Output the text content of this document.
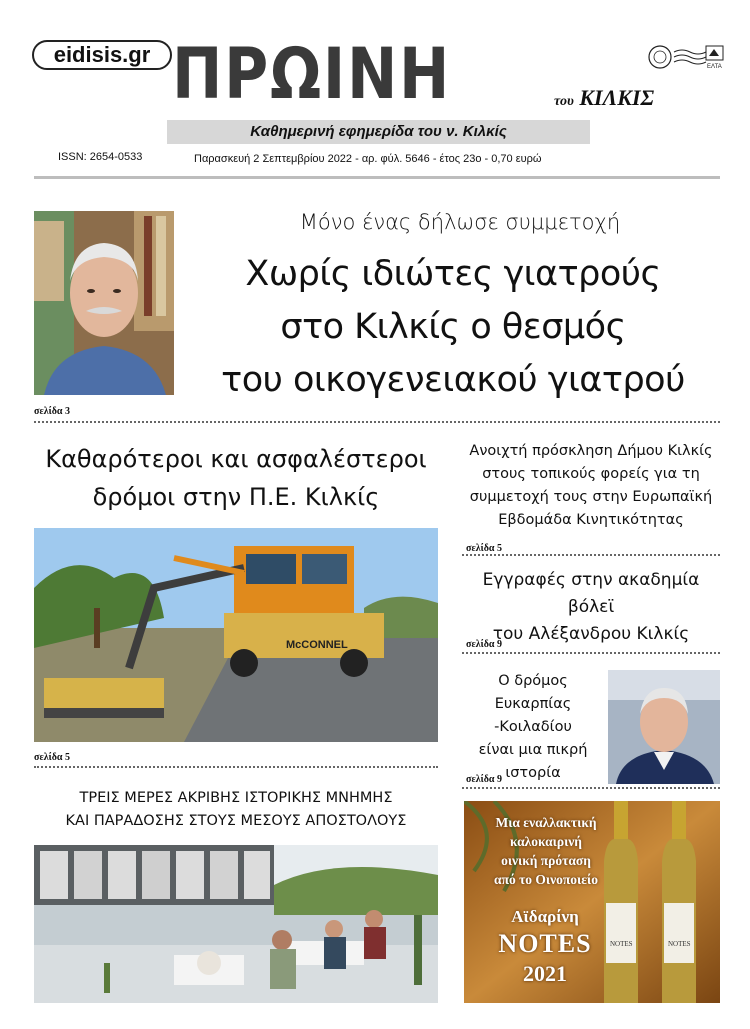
eidisis.gr ΠΡΩΙΝΗ	του ΚΙΛΚΙΣ
ΕΛΤΑ
Καθημερινή εφημερίδα του ν. Κιλκίς
ISSN: 2654-0533	Παρασκευή 2 Σεπτεμβρίου 2022 - αρ. φύλ. 5646 - έτος 23ο - 0,70 ευρώ
Μόνο ένας δήλωσε συμμετοχή
Χωρίς ιδιώτες γιατρούς
στο Κιλκίς ο θεσμός
του οικογενειακού γιατρού
σελίδα 3
Καθαρότεροι και ασφαλέστεροι
δρόμοι στην Π.Ε. Κιλκίς
McCONNEL
σελίδα 5
Ανοιχτή πρόσκληση Δήμου Κιλκίς
στους τοπικούς φορείς για τη
συμμετοχή τους στην Ευρωπαϊκή
Εβδομάδα Κινητικότητας
σελίδα 5
Εγγραφές στην ακαδημία βόλεϊ
του Αλέξανδρου Κιλκίς
σελίδα 9
Ο δρόμος Ευκαρπίας
-Κοιλαδίου
είναι μια πικρή
ιστορία
σελίδα 9
ΤΡΕΙΣ ΜΕΡΕΣ ΑΚΡΙΒΗΣ ΙΣΤΟΡΙΚΗΣ ΜΝΗΜΗΣ
ΚΑΙ ΠΑΡΑΔΟΣΗΣ ΣΤΟΥΣ ΜΕΣΟΥΣ ΑΠΟΣΤΟΛΟΥΣ
NOTES	NOTES
Μια εναλλακτική
καλοκαιρινή
οινική πρόταση
από το Οινοποιείο
Αϊδαρίνη
NOTES
2021
